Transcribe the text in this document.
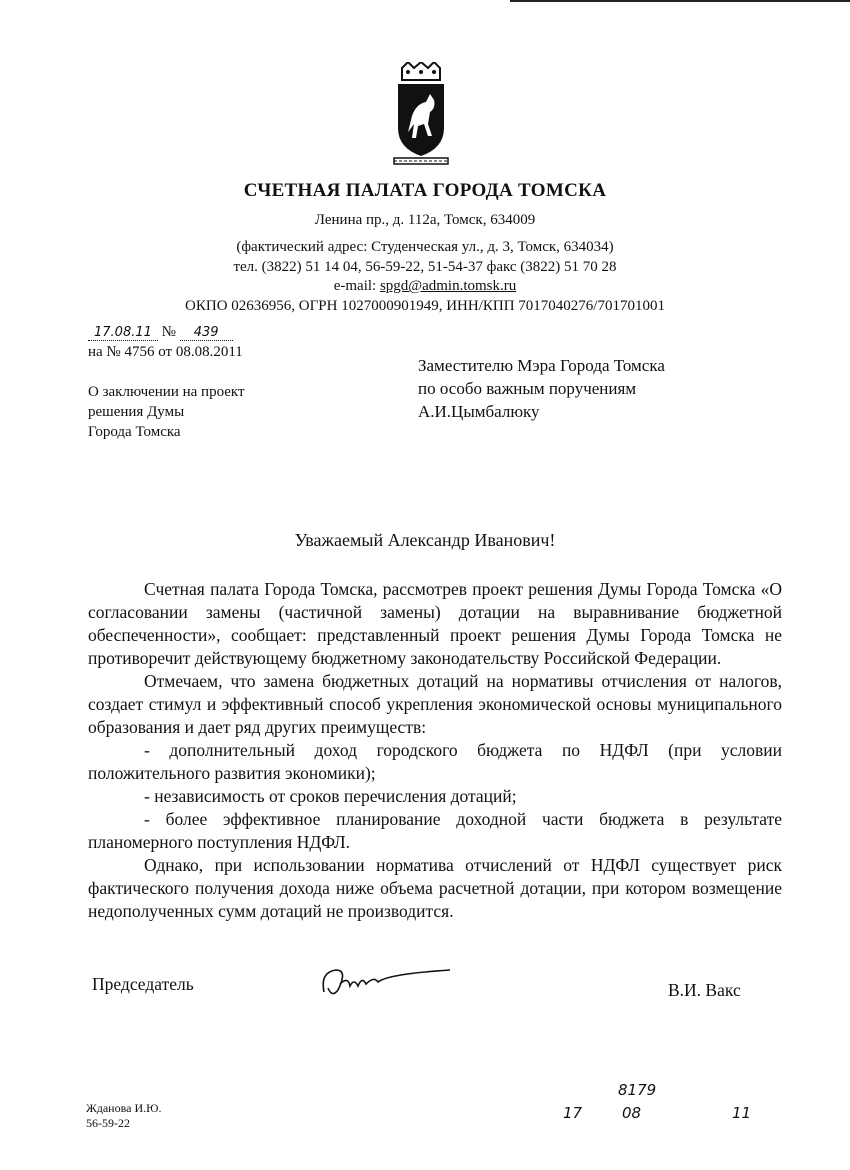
СЧЕТНАЯ ПАЛАТА ГОРОДА ТОМСКА
Ленина пр., д. 112а, Томск, 634009
(фактический адрес: Студенческая ул., д. 3, Томск, 634034)
тел. (3822) 51 14 04, 56-59-22, 51-54-37 факс (3822) 51 70 28
e-mail: spgd@admin.tomsk.ru
ОКПО 02636956, ОГРН 1027000901949, ИНН/КПП 7017040276/701701001
17.08.11 № 439
на № 4756 от 08.08.2011
О заключении на проект
решения Думы
Города Томска
Заместителю Мэра Города Томска
по особо важным поручениям
А.И.Цымбалюку
Уважаемый Александр Иванович!

Счетная палата Города Томска, рассмотрев проект решения Думы Города Томска «О согласовании замены (частичной замены) дотации на выравнивание бюджетной обеспеченности», сообщает: представленный проект решения Думы Города Томска не противоречит действующему бюджетному законодательству Российской Федерации.

Отмечаем, что замена бюджетных дотаций на нормативы отчисления от налогов, создает стимул и эффективный способ укрепления экономической основы муниципального образования и дает ряд других преимуществ:

- дополнительный доход городского бюджета по НДФЛ (при условии положительного развития экономики);

- независимость от сроков перечисления дотаций;

- более эффективное планирование доходной части бюджета в результате планомерного поступления НДФЛ.

Однако, при использовании норматива отчислений от НДФЛ существует риск фактического получения дохода ниже объема расчетной дотации, при котором возмещение недополученных сумм дотаций не производится.

Председатель	В.И. Вакс
Жданова И.Ю.
56-59-22
8179
17	08	11
